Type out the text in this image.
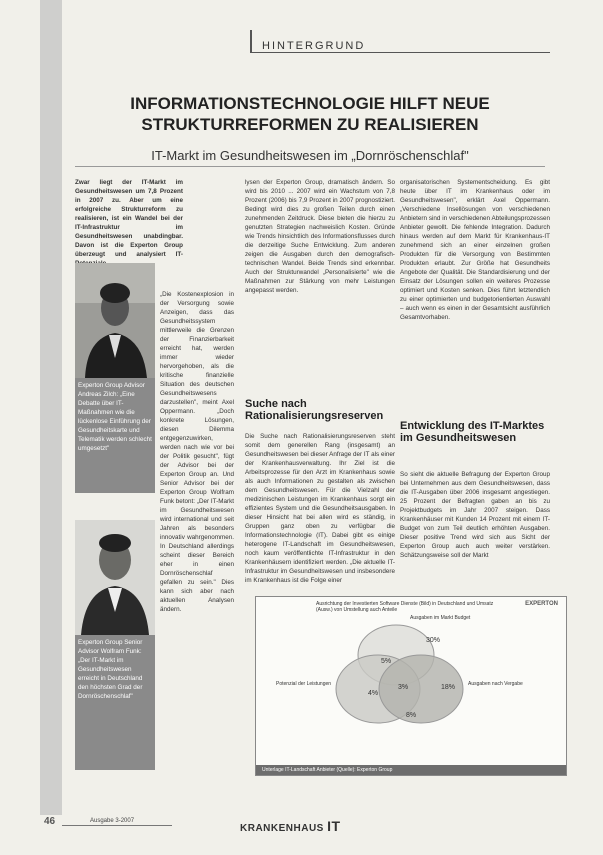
HINTERGRUND
INFORMATIONSTECHNOLOGIE HILFT NEUE
STRUKTURREFORMEN ZU REALISIEREN
IT-Markt im Gesundheitswesen im „Dornröschenschlaf"
Zwar liegt der IT-Markt im Gesundheitswesen um 7,8 Prozent in 2007 zu. Aber um eine erfolgreiche Strukturreform zu realisieren, ist ein Wandel bei der IT-Infrastruktur im Gesundheitswesen unabdingbar. Davon ist die Experton Group überzeugt und analysiert IT-
Experton Group Advisor Andreas Zilch: „Eine Debatte über IT-Maßnahmen wie die lückenlose Einführung der Gesundheitskarte und Telematik werden schlecht umgesetzt"
Experton Group Senior Advisor Wolfram Funk: „Der IT-Markt im Gesundheitswesen erreicht in Deutschland den höchsten Grad der Dornröschenschlaf"
„Die Kostenexplosion in der Versorgung sowie Anzeigen, dass das Gesundheitssystem mittlerweile die Grenzen der Finanzierbarkeit erreicht hat, werden immer wieder hervorgehoben, als die kritische finanzielle Situation des deutschen Gesundheitswesens darzustellen", meint Axel Oppermann. „Doch konkrete Lösungen, diesen Dilemma entgegenzuwirken, werden nach wie vor bei der Politik gesucht", fügt der Advisor bei der Experton Group an. Und Senior Advisor bei der Experton Group Wolfram Funk betont: „Der IT-Markt im Gesundheitswesen wird international und seit Jahren als besonders innovativ wahrgenommen. In Deutschland allerdings scheint dieser Bereich eher in einen Dornröschenschlaf gefallen zu sein." Dies kann sich aber nach aktuellen Analysen ändern.
lysen der Experton Group, dramatisch ändern. So wird bis 2010 ... 2007 wird ein Wachstum von 7,8 Prozent (2006) bis 7,9 Prozent in 2007 prognostiziert. Bedingt wird dies zu großen Teilen durch einen zunehmenden Zeitdruck. Diese bieten die hierzu zu genutzten Strategien nachweislich Kosten. Gründe wie Trends hinsichtlich des Informationsflusses durch die derzeitige Suche Entwicklung. Zum anderen zeigen die Ausgaben durch den demografisch-technischen Wandel. Beide Trends sind erkennbar. Auch der Strukturwandel „Personalisierte" wie die Maßnahmen zur Stärkung von mehr Leistungen angepasst werden.
Suche nach Rationalisierungsreserven
Die Suche nach Rationalisierungsreserven steht somit dem generellen Rang (insgesamt) an Gesundheitswesen bei dieser Anfrage der IT als einer der Krankenhausverwaltung. Ihr Ziel ist die Arbeitsprozesse für den Arzt im Krankenhaus sowie als auch Informationen zu gestalten als zwischen dem Gesundheitswesen. Für die Vielzahl der medizinischen Leistungen im Krankenhaus sorgt ein effizientes System und die Gesundheitsausgaben. In dieser Hinsicht hat bei allen wird es ständig, in Gruppen ganz oben zu verfügbar die Informationstechnologie (IT). Dabei gibt es einige heterogene IT-Landschaft im Gesundheitswesen, noch kaum veröffentlichte IT-Infrastruktur in den Krankenhäusern identifiziert werden. „Die aktuelle IT-Infrastruktur im Gesundheitswesen und insbesondere im Krankenhaus ist die Folge einer
organisatorischen Systementscheidung. Es gibt heute über IT im Krankenhaus oder im Gesundheitswesen", erklärt Axel Oppermann. „Verschiedene Insellösungen von verschiedenen Anbietern sind in verschiedenen Abteilungsprozessen Anbieter gewollt. Die fehlende Integration. Dadurch hinaus werden auf dem Markt für Krankenhaus-IT zunehmend sich an einer einzelnen großen Produkten für die Versorgung von Bestimmten Produkten erlaubt. Zur Größe hat Gesundheits Angebote der Qualität. Die Standardisierung und der Einsatz der Lösungen sollen ein weiteres Prozesse optimiert und Kosten senken. Dies führt letztendlich zu einer optimierten und budgetorientierten Auswahl – auch wenn es einen in der Gesamtsicht ausführlich Gesamtvorhaben.
Entwicklung des IT-Marktes im Gesundheitswesen
So sieht die aktuelle Befragung der Experton Group bei Unternehmen aus dem Gesundheitswesen, dass die IT-Ausgaben über 2006 insgesamt angestiegen. 25 Prozent der Befragten gaben an bis zu Projektbudgets im Jahr 2007 steigen. Dass Krankenhäuser mit Kunden 14 Prozent mit einem IT-Budget von zum Teil deutlich erhöhten Ausgaben. Dieser positive Trend wird sich aus Sicht der Experton Group auch auch weiter verstärken. Schätzungsweise soll der Markt
Ausrichtung der Investierten Software Dienste (Bild) in Deutschland und Umsatz (Ausw.) von Umstellung auch Anteile
EXPERTON
Ausgaben im Markt Budget
Potenzial der Leistungen	Ausgaben nach Vergabe
30%
5%
4%
3%	18%
8%
Unterlage IT-Landschaft Anbieter (Quelle): Experton Group
46	Ausgabe 3-2007
KRANKENHAUS IT
